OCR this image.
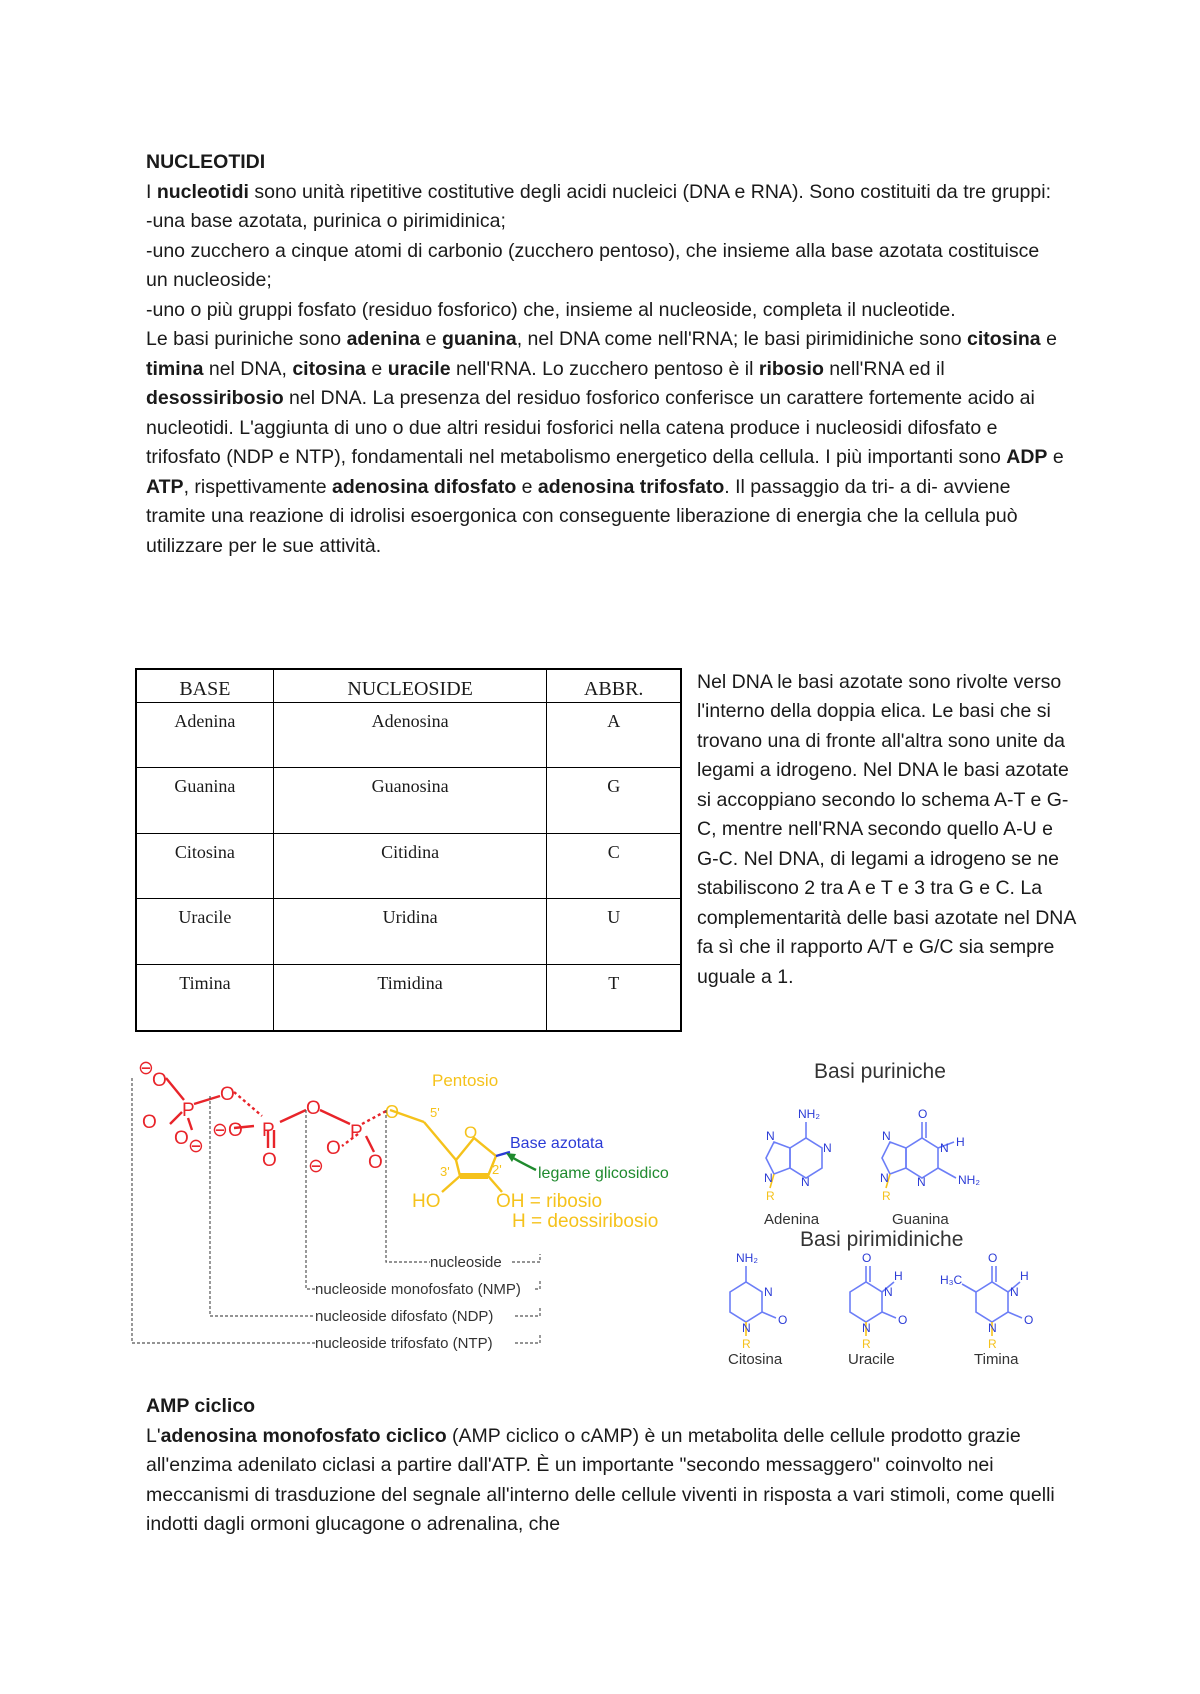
NUCLEOTIDI

I nucleotidi sono unità ripetitive costitutive degli acidi nucleici (DNA e RNA). Sono costituiti da tre gruppi:

-una base azotata, purinica o pirimidinica;

-uno zucchero a cinque atomi di carbonio (zucchero pentoso), che insieme alla base azotata costituisce un nucleoside;

-uno o più gruppi fosfato (residuo fosforico) che, insieme al nucleoside, completa il nucleotide.

Le basi puriniche sono adenina e guanina, nel DNA come nell'RNA; le basi pirimidiniche sono citosina e timina nel DNA, citosina e uracile nell'RNA. Lo zucchero pentoso è il ribosio nell'RNA ed il desossiribosio nel DNA. La presenza del residuo fosforico conferisce un carattere fortemente acido ai nucleotidi. L'aggiunta di uno o due altri residui fosforici nella catena produce i nucleosidi difosfato e trifosfato (NDP e NTP), fondamentali nel metabolismo energetico della cellula. I più importanti sono ADP e ATP, rispettivamente adenosina difosfato e adenosina trifosfato. Il passaggio da tri- a di- avviene tramite una reazione di idrolisi esoergonica con conseguente liberazione di energia che la cellula può utilizzare per le sue attività.

BASE	NUCLEOSIDE	ABBR.
Adenina	Adenosina	A
Guanina	Guanosina	G
Citosina	Citidina	C
Uracile	Uridina	U
Timina	Timidina	T

Nel DNA le basi azotate sono rivolte verso l'interno della doppia elica. Le basi che si trovano una di fronte all'altra sono unite da legami a idrogeno. Nel DNA le basi azotate si accoppiano secondo lo schema A-T e G-C, mentre nell'RNA secondo quello A-U e G-C. Nel DNA, di legami a idrogeno se ne stabiliscono 2 tra A e T e 3 tra G e C. La complementarità delle basi azotate nel DNA fa sì che il rapporto A/T e G/C sia sempre uguale a 1.

⊖
O
P
O
O ⊖
O
⊖ O P
O
O
P
O
⊖ O
O 5'
O
3'	2'
Pentosio
HO	OH = ribosio
H = deossiribosio
Base azotata
legame glicosidico
nucleoside
nucleoside monofosfato (NMP)
nucleoside difosfato (NDP)
nucleoside trifosfato (NTP)
Basi puriniche
NH₂
N
N
N
N
R
Adenina
O
N H
N
N
N	NH₂
R
Guanina
Basi pirimidiniche
NH₂
N
N
O
R
Citosina
O
N
H
N
O
R
Uracile
H₃C
O
N
H
N
O
R
Timina

AMP ciclico

L'adenosina monofosfato ciclico (AMP ciclico o cAMP) è un metabolita delle cellule prodotto grazie all'enzima adenilato ciclasi a partire dall'ATP. È un importante "secondo messaggero" coinvolto nei meccanismi di trasduzione del segnale all'interno delle cellule viventi in risposta a vari stimoli, come quelli indotti dagli ormoni glucagone o adrenalina, che
